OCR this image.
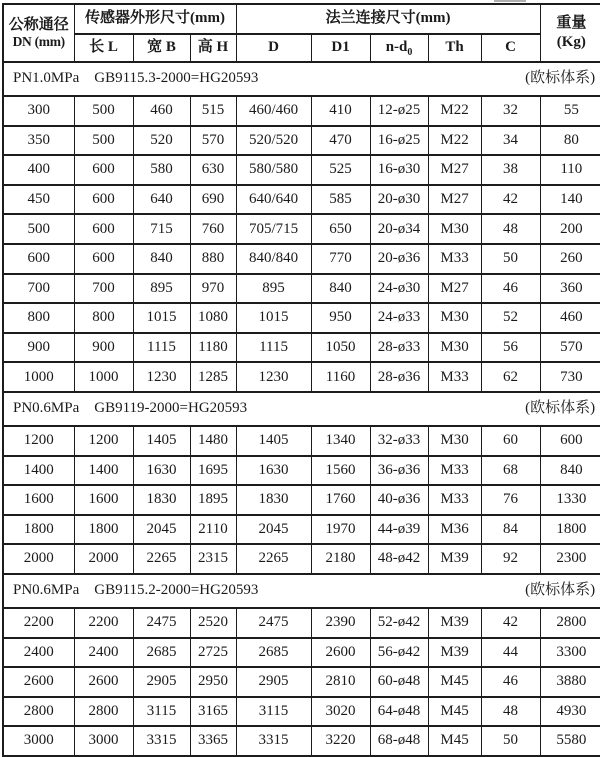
公称通径
DN (mm)
	传感器外形尺寸(mm)	法兰连接尺寸(mm)	重量
(Kg)

	长 L	宽 B	高 H	D	D1	$n-d_0$	Th	C	

(欧标体系)
PN1.0MPa GB9115.3-2000=HG20593									
300	500	460	515	460/460	410	12-ø25	M22	32	55
350	500	520	570	520/520	470	16-ø25	M22	34	80
400	600	580	630	580/580	525	16-ø30	M27	38	110
450	600	640	690	640/640	585	20-ø30	M27	42	140
500	600	715	760	705/715	650	20-ø34	M30	48	200
600	600	840	880	840/840	770	20-ø36	M33	50	260
700	700	895	970	895	840	24-ø30	M27	46	360
800	800	1015	1080	1015	950	24-ø33	M30	52	460
900	900	1115	1180	1115	1050	28-ø33	M30	56	570
1000	1000	1230	1285	1230	1160	28-ø36	M33	62	730

(欧标体系)
PN0.6MPa GB9119-2000=HG20593									
1200	1200	1405	1480	1405	1340	32-ø33	M30	60	600
1400	1400	1630	1695	1630	1560	36-ø36	M33	68	840
1600	1600	1830	1895	1830	1760	40-ø36	M33	76	1330
1800	1800	2045	2110	2045	1970	44-ø39	M36	84	1800
2000	2000	2265	2315	2265	2180	48-ø42	M39	92	2300

(欧标体系)
PN0.6MPa GB9115.2-2000=HG20593									
2200	2200	2475	2520	2475	2390	52-ø42	M39	42	2800
2400	2400	2685	2725	2685	2600	56-ø42	M39	44	3300
2600	2600	2905	2950	2905	2810	60-ø48	M45	46	3880
2800	2800	3115	3165	3115	3020	64-ø48	M45	48	4930
3000	3000	3315	3365	3315	3220	68-ø48	M45	50	5580
